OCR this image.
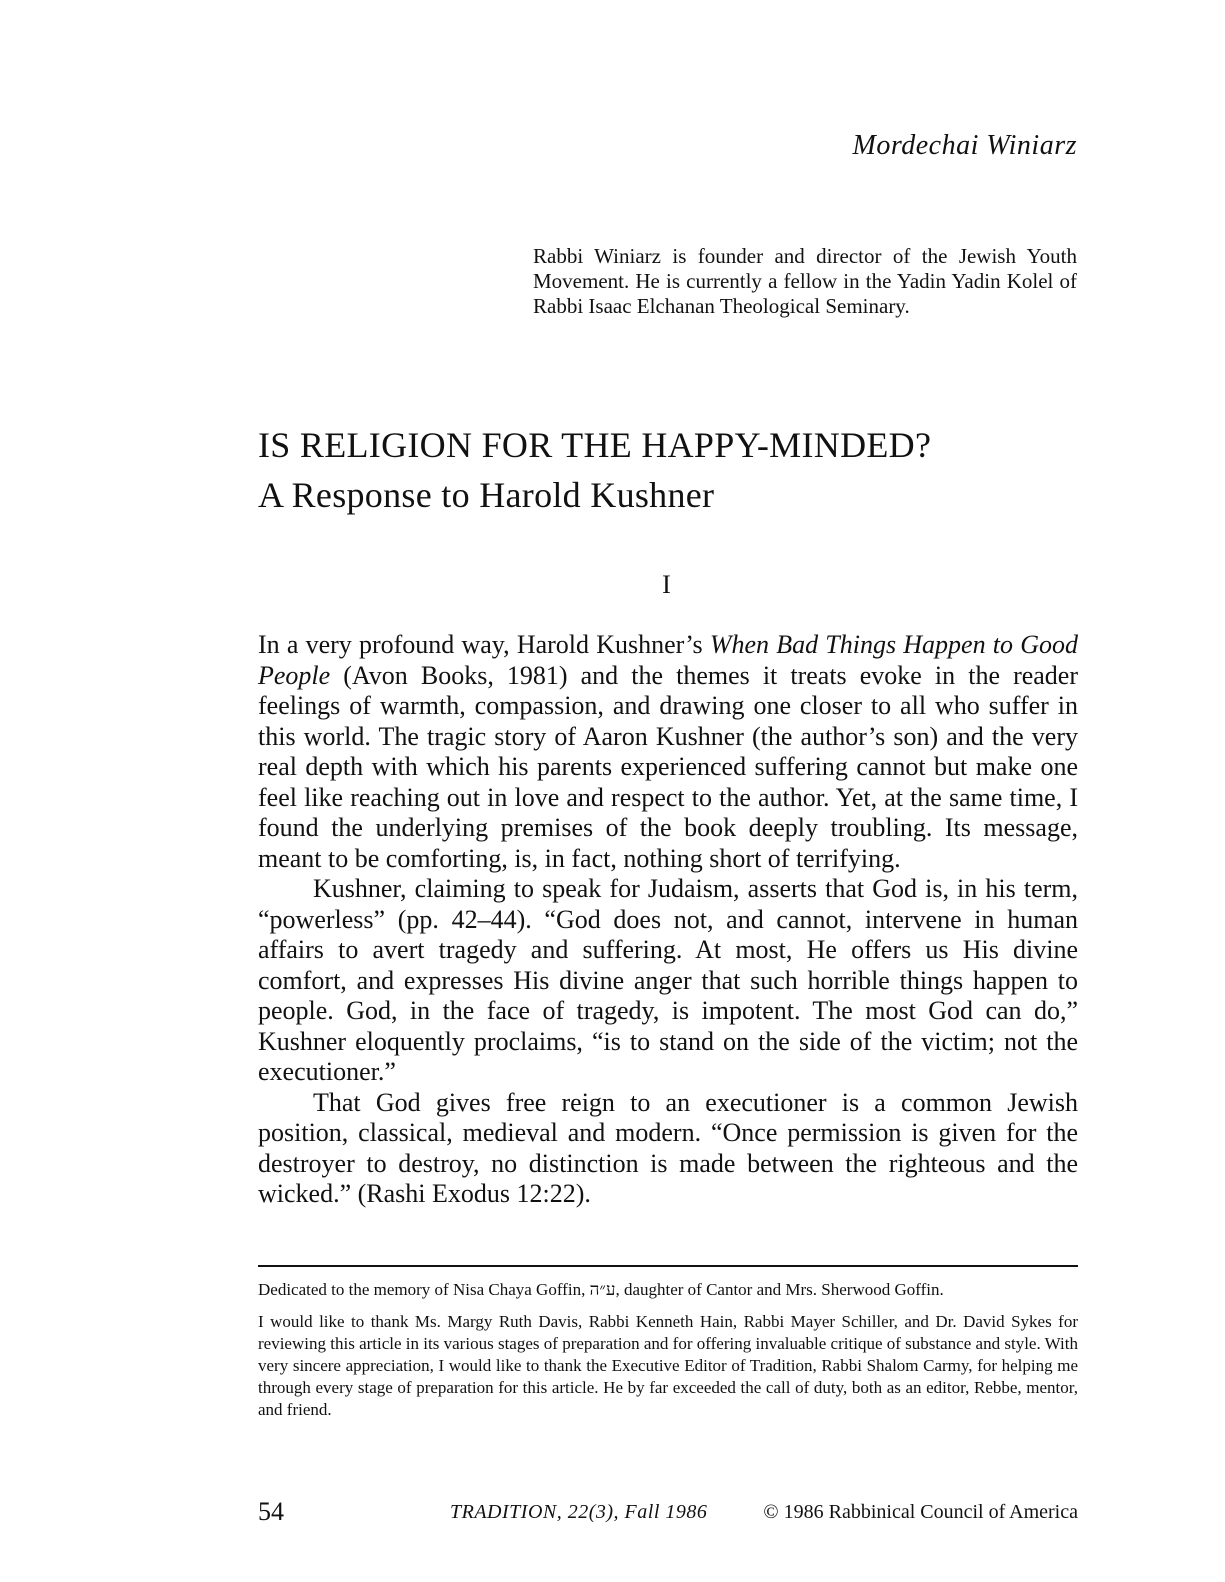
Mordechai Winiarz
Rabbi Winiarz is founder and director of the Jewish Youth Movement. He is currently a fellow in the Yadin Yadin Kolel of Rabbi Isaac Elchanan Theological Seminary.
IS RELIGION FOR THE HAPPY-MINDED?
A Response to Harold Kushner
I

In a very profound way, Harold Kushner’s When Bad Things Happen to Good People (Avon Books, 1981) and the themes it treats evoke in the reader feelings of warmth, compassion, and drawing one closer to all who suffer in this world. The tragic story of Aaron Kushner (the author’s son) and the very real depth with which his parents experienced suffering cannot but make one feel like reaching out in love and respect to the author. Yet, at the same time, I found the underlying premises of the book deeply troubling. Its message, meant to be comforting, is, in fact, nothing short of terrifying.

Kushner, claiming to speak for Judaism, asserts that God is, in his term, “powerless” (pp. 42–44). “God does not, and cannot, intervene in human affairs to avert tragedy and suffering. At most, He offers us His divine comfort, and expresses His divine anger that such horrible things happen to people. God, in the face of tragedy, is impotent. The most God can do,” Kushner eloquently proclaims, “is to stand on the side of the victim; not the executioner.”

That God gives free reign to an executioner is a common Jewish position, classical, medieval and modern. “Once permission is given for the destroyer to destroy, no distinction is made between the righteous and the wicked.” (Rashi Exodus 12:22).

Dedicated to the memory of Nisa Chaya Goffin, ע״ה, daughter of Cantor and Mrs. Sherwood Goffin.

I would like to thank Ms. Margy Ruth Davis, Rabbi Kenneth Hain, Rabbi Mayer Schiller, and Dr. David Sykes for reviewing this article in its various stages of preparation and for offering invaluable critique of substance and style. With very sincere appreciation, I would like to thank the Executive Editor of Tradition, Rabbi Shalom Carmy, for helping me through every stage of preparation for this article. He by far exceeded the call of duty, both as an editor, Rebbe, mentor, and friend.

54	TRADITION, 22(3), Fall 1986	© 1986 Rabbinical Council of America
